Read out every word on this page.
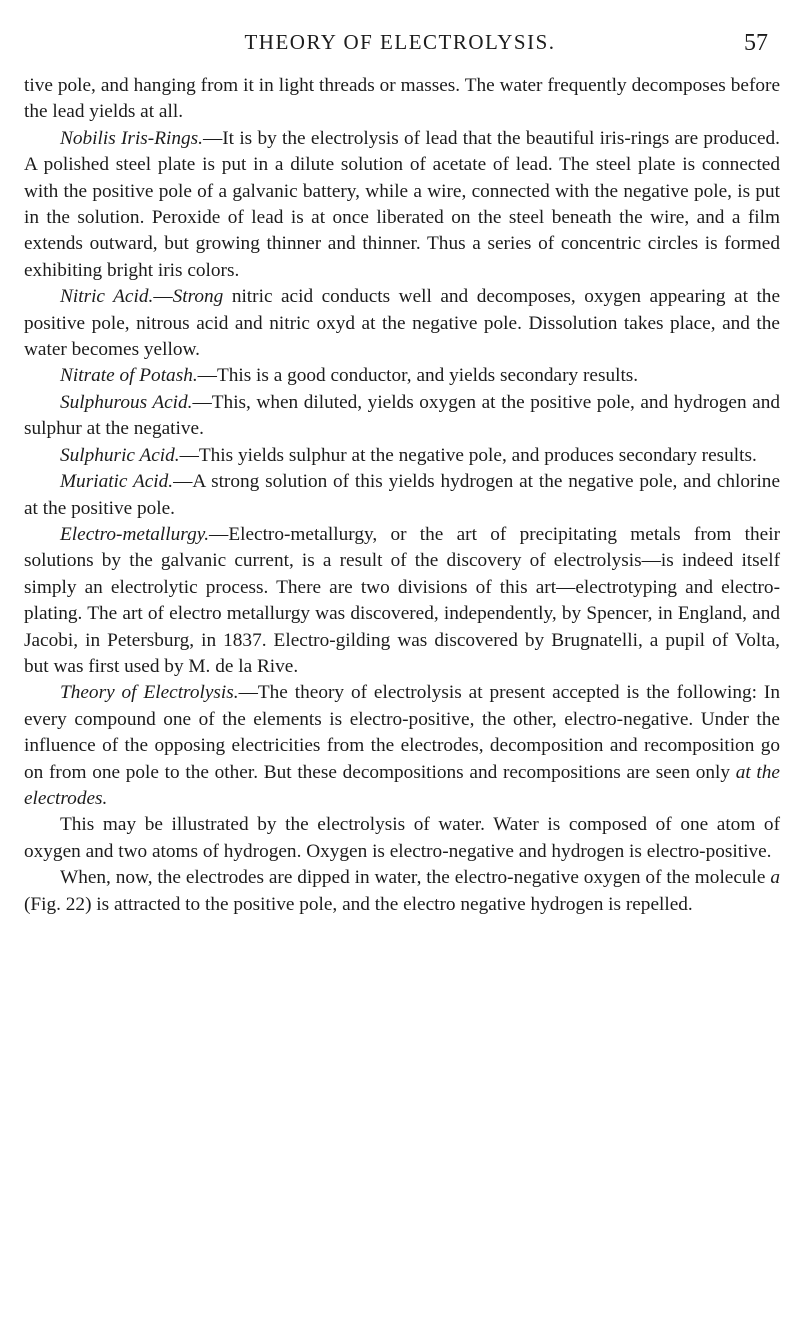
THEORY OF ELECTROLYSIS.	57

tive pole, and hanging from it in light threads or masses. The water frequently decomposes before the lead yields at all.

Nobilis Iris-Rings.—It is by the electrolysis of lead that the beautiful iris-rings are produced. A polished steel plate is put in a dilute solution of acetate of lead. The steel plate is connected with the positive pole of a galvanic battery, while a wire, connected with the negative pole, is put in the solution. Peroxide of lead is at once liberated on the steel beneath the wire, and a film extends outward, but growing thinner and thinner. Thus a series of concentric circles is formed exhibiting bright iris colors.

Nitric Acid.—Strong nitric acid conducts well and decomposes, oxygen appearing at the positive pole, nitrous acid and nitric oxyd at the negative pole. Dissolution takes place, and the water becomes yellow.

Nitrate of Potash.—This is a good conductor, and yields secondary results.

Sulphurous Acid.—This, when diluted, yields oxygen at the positive pole, and hydrogen and sulphur at the negative.

Sulphuric Acid.—This yields sulphur at the negative pole, and produces secondary results.

Muriatic Acid.—A strong solution of this yields hydrogen at the negative pole, and chlorine at the positive pole.

Electro-metallurgy.—Electro-metallurgy, or the art of precipitating metals from their solutions by the galvanic current, is a result of the discovery of electrolysis—is indeed itself simply an electrolytic process. There are two divisions of this art—electrotyping and electro-plating. The art of electro metallurgy was discovered, independently, by Spencer, in England, and Jacobi, in Petersburg, in 1837. Electro-gilding was discovered by Brugnatelli, a pupil of Volta, but was first used by M. de la Rive.

Theory of Electrolysis.—The theory of electrolysis at present accepted is the following: In every compound one of the elements is electro-positive, the other, electro-negative. Under the influence of the opposing electricities from the electrodes, decomposition and recomposition go on from one pole to the other. But these decompositions and recompositions are seen only at the electrodes.

This may be illustrated by the electrolysis of water. Water is composed of one atom of oxygen and two atoms of hydrogen. Oxygen is electro-negative and hydrogen is electro-positive.

When, now, the electrodes are dipped in water, the electro-negative oxygen of the molecule a (Fig. 22) is attracted to the positive pole, and the electro negative hydrogen is repelled.
